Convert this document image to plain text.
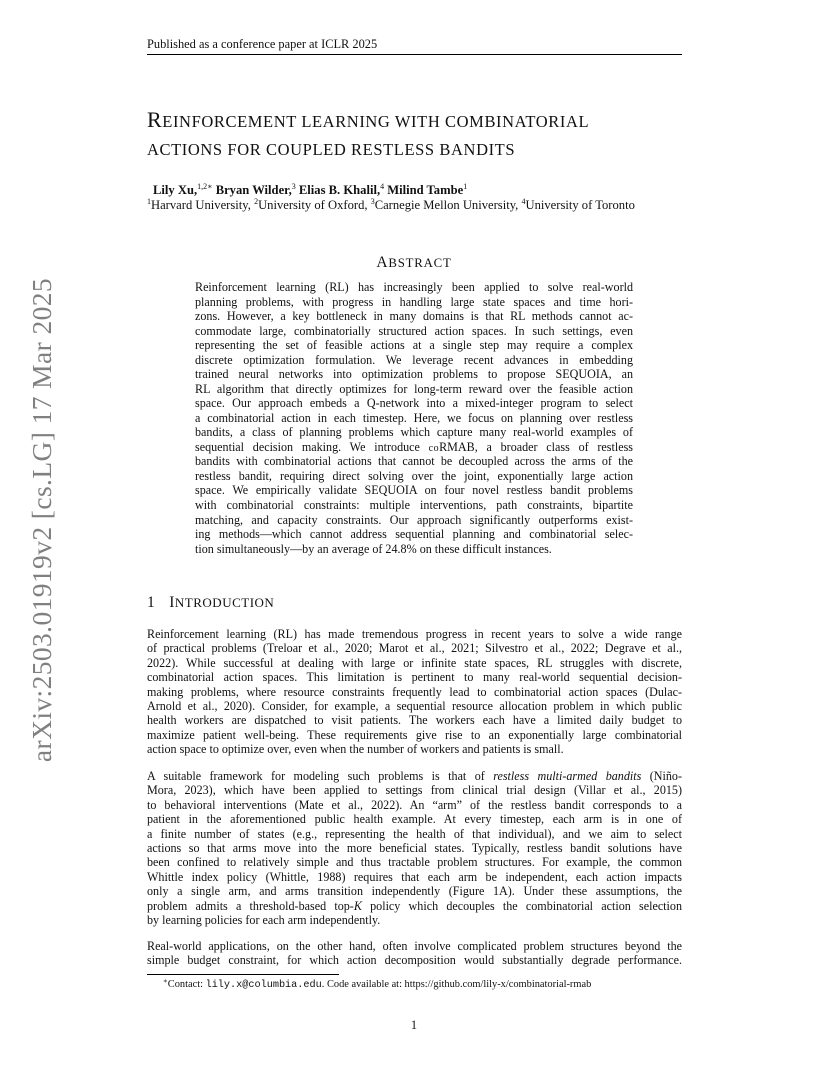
arXiv:2503.01919v2 [cs.LG] 17 Mar 2025
Published as a conference paper at ICLR 2025
REINFORCEMENT LEARNING WITH COMBINATORIAL
ACTIONS FOR COUPLED RESTLESS BANDITS
Lily Xu,$^{1,2∗}$ Bryan Wilder,$^3$ Elias B. Khalil,$^4$ Milind Tambe$^1$
$^1$Harvard University, $^2$University of Oxford, $^3$Carnegie Mellon University, $^4$University of Toronto
ABSTRACT
Reinforcement learning (RL) has increasingly been applied to solve real-world
planning problems, with progress in handling large state spaces and time hori-
zons. However, a key bottleneck in many domains is that RL methods cannot ac-
commodate large, combinatorially structured action spaces. In such settings, even
representing the set of feasible actions at a single step may require a complex
discrete optimization formulation. We leverage recent advances in embedding
trained neural networks into optimization problems to propose SEQUOIA, an
RL algorithm that directly optimizes for long-term reward over the feasible action
space. Our approach embeds a Q-network into a mixed-integer program to select
a combinatorial action in each timestep. Here, we focus on planning over restless
bandits, a class of planning problems which capture many real-world examples of
sequential decision making. We introduce coRMAB, a broader class of restless
bandits with combinatorial actions that cannot be decoupled across the arms of the
restless bandit, requiring direct solving over the joint, exponentially large action
space. We empirically validate SEQUOIA on four novel restless bandit problems
with combinatorial constraints: multiple interventions, path constraints, bipartite
matching, and capacity constraints. Our approach significantly outperforms exist-
ing methods—which cannot address sequential planning and combinatorial selec-
tion simultaneously—by an average of 24.8% on these difficult instances.
1 INTRODUCTION
Reinforcement learning (RL) has made tremendous progress in recent years to solve a wide range
of practical problems (Treloar et al., 2020; Marot et al., 2021; Silvestro et al., 2022; Degrave et al.,
2022). While successful at dealing with large or infinite state spaces, RL struggles with discrete,
combinatorial action spaces. This limitation is pertinent to many real-world sequential decision-
making problems, where resource constraints frequently lead to combinatorial action spaces (Dulac-
Arnold et al., 2020). Consider, for example, a sequential resource allocation problem in which public
health workers are dispatched to visit patients. The workers each have a limited daily budget to
maximize patient well-being. These requirements give rise to an exponentially large combinatorial
action space to optimize over, even when the number of workers and patients is small.
A suitable framework for modeling such problems is that of restless multi-armed bandits (Niño-
Mora, 2023), which have been applied to settings from clinical trial design (Villar et al., 2015)
to behavioral interventions (Mate et al., 2022). An “arm” of the restless bandit corresponds to a
patient in the aforementioned public health example. At every timestep, each arm is in one of
a finite number of states (e.g., representing the health of that individual), and we aim to select
actions so that arms move into the more beneficial states. Typically, restless bandit solutions have
been confined to relatively simple and thus tractable problem structures. For example, the common
Whittle index policy (Whittle, 1988) requires that each arm be independent, each action impacts
only a single arm, and arms transition independently (Figure 1A). Under these assumptions, the
problem admits a threshold-based top-K policy which decouples the combinatorial action selection
by learning policies for each arm independently.
Real-world applications, on the other hand, often involve complicated problem structures beyond the
simple budget constraint, for which action decomposition would substantially degrade performance.
∗Contact: lily.x@columbia.edu. Code available at: https://github.com/lily-x/combinatorial-rmab
1
